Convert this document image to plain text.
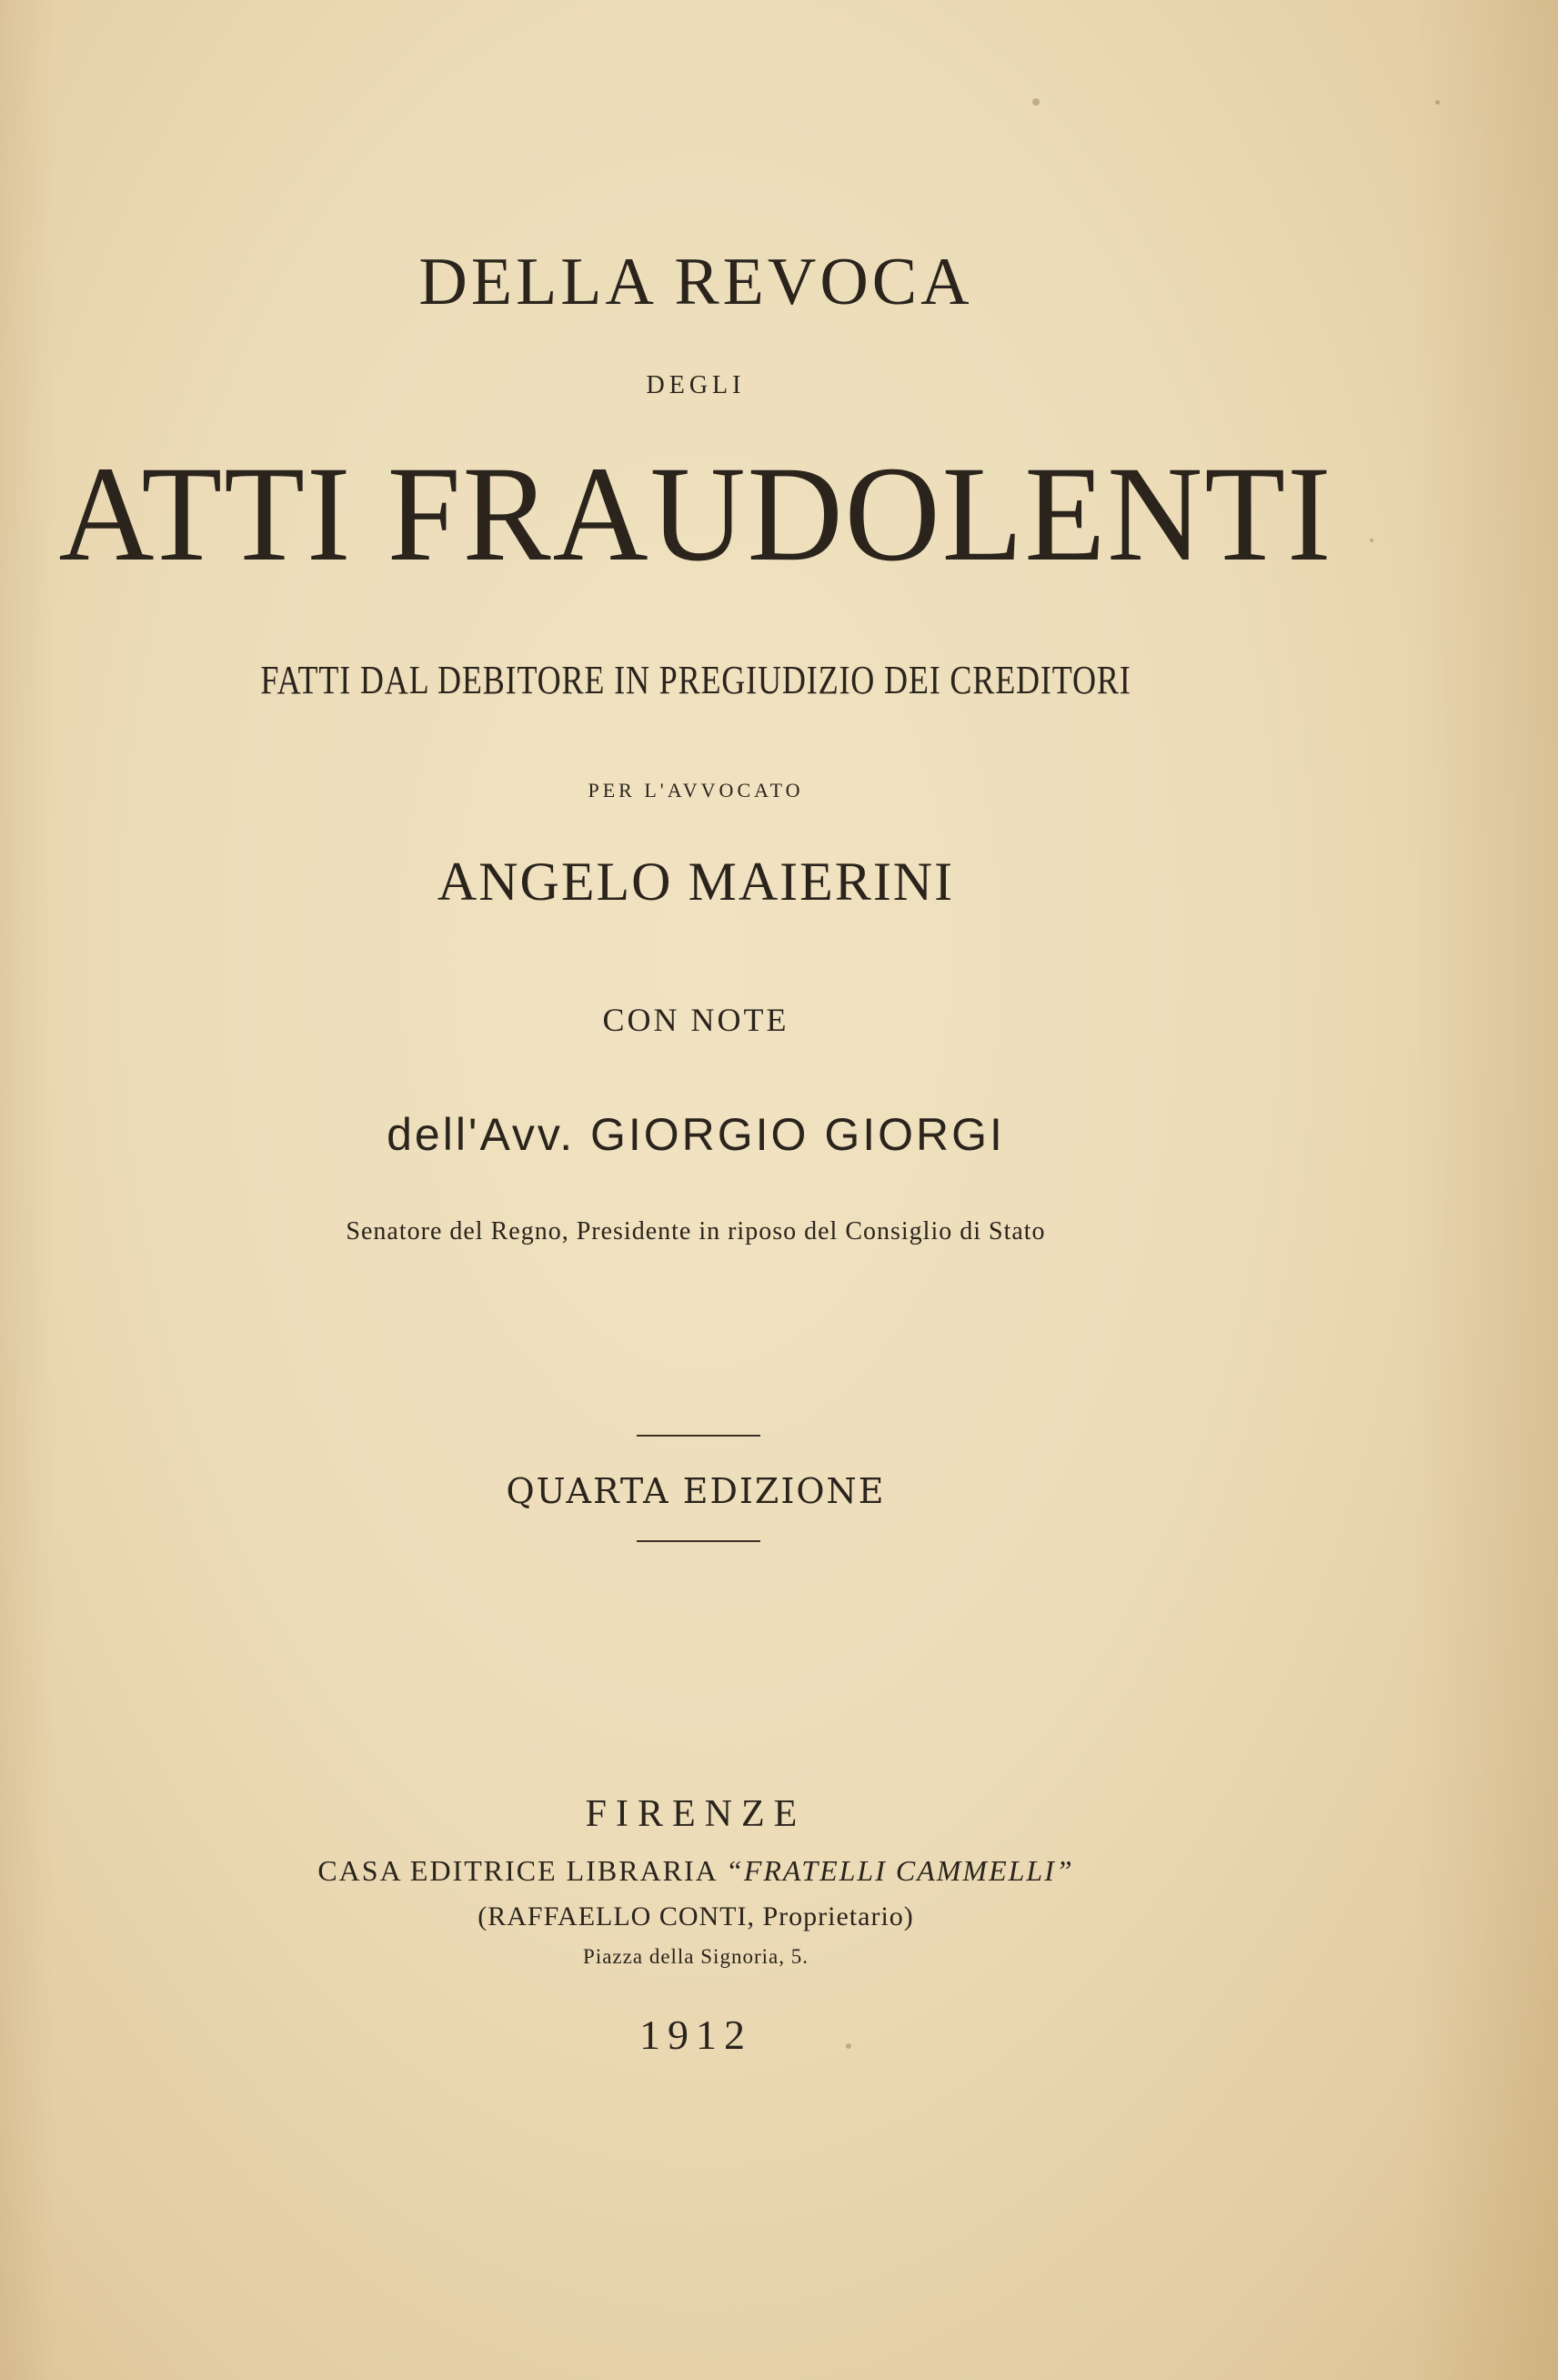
DELLA REVOCA
DEGLI
ATTI FRAUDOLENTI
FATTI DAL DEBITORE IN PREGIUDIZIO DEI CREDITORI
PER L'AVVOCATO
ANGELO MAIERINI
CON NOTE
dell'Avv. GIORGIO GIORGI
Senatore del Regno, Presidente in riposo del Consiglio di Stato
QUARTA EDIZIONE
FIRENZE
CASA EDITRICE LIBRARIA “FRATELLI CAMMELLI”
(RAFFAELLO CONTI, Proprietario)
Piazza della Signoria, 5.
1912
